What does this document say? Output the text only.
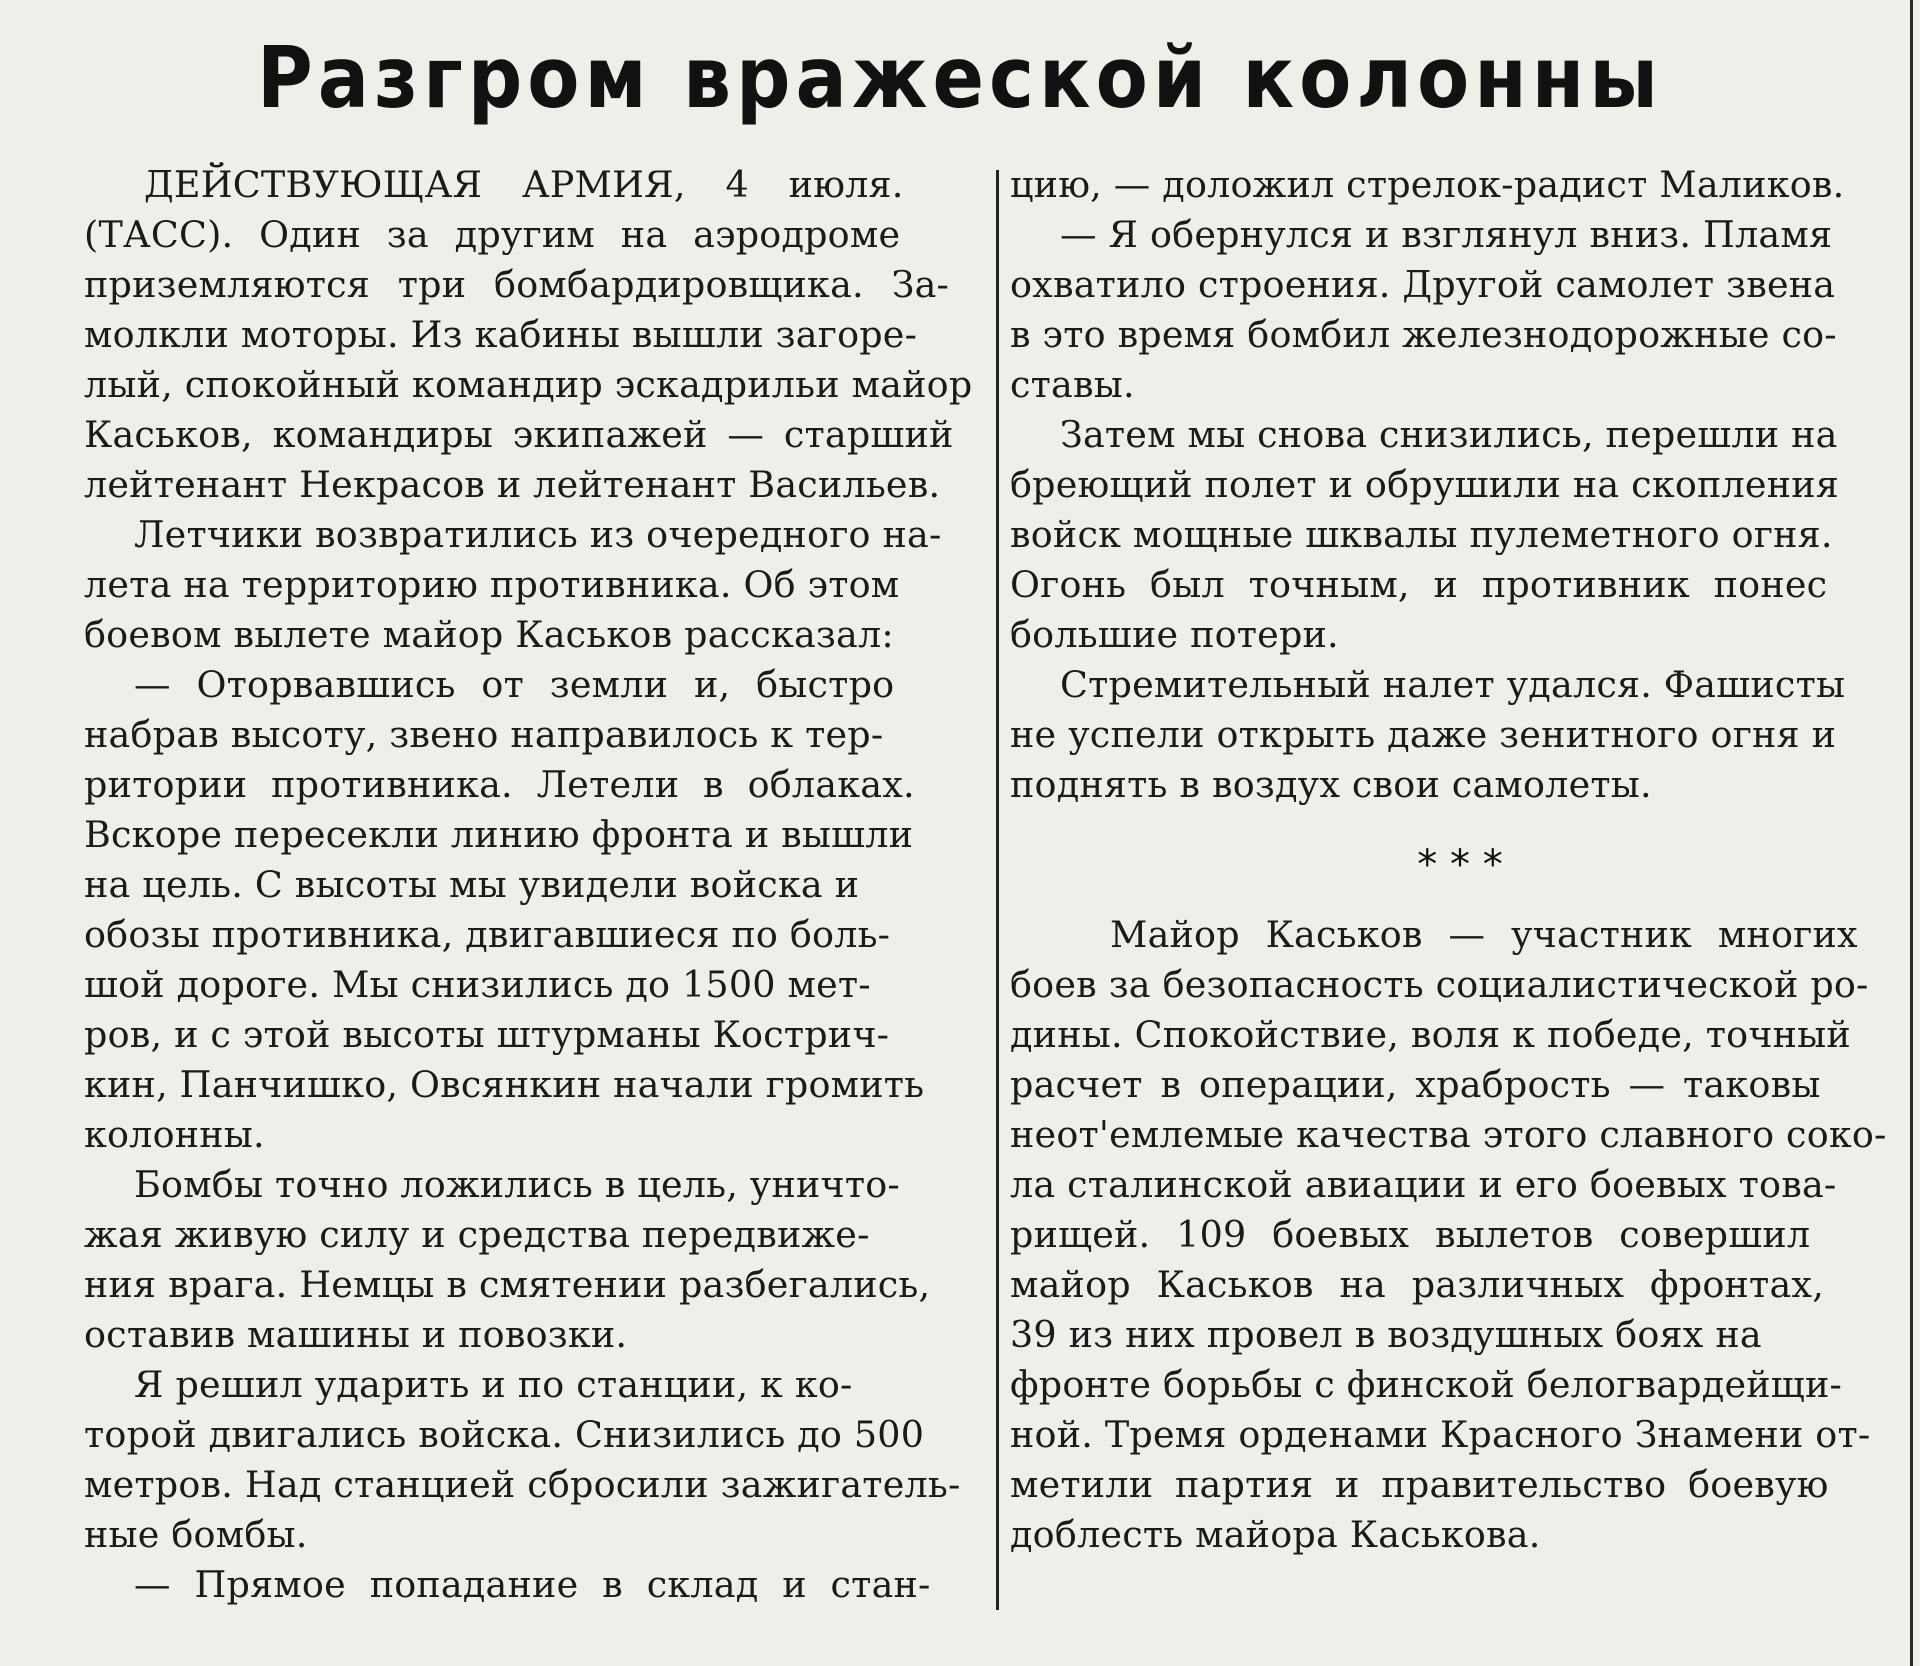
Разгром вражеской колонны
ДЕЙСТВУЮЩАЯ АРМИЯ, 4 июля.
(ТАСС). Один за другим на аэродроме
приземляются три бомбардировщика. За-
молкли моторы. Из кабины вышли загоре-
лый, спокойный командир эскадрильи майор
Каськов, командиры экипажей — старший
лейтенант Некрасов и лейтенант Васильев.
Летчики возвратились из очередного на-
лета на территорию противника. Об этом
боевом вылете майор Каськов рассказал:
— Оторвавшись от земли и, быстро
набрав высоту, звено направилось к тер-
ритории противника. Летели в облаках.
Вскоре пересекли линию фронта и вышли
на цель. С высоты мы увидели войска и
обозы противника, двигавшиеся по боль-
шой дороге. Мы снизились до 1500 мет-
ров, и с этой высоты штурманы Кострич-
кин, Панчишко, Овсянкин начали громить
колонны.
Бомбы точно ложились в цель, уничто-
жая живую силу и средства передвиже-
ния врага. Немцы в смятении разбегались,
оставив машины и повозки.
Я решил ударить и по станции, к ко-
торой двигались войска. Снизились до 500
метров. Над станцией сбросили зажигатель-
ные бомбы.
— Прямое попадание в склад и стан-
цию, — доложил стрелок-радист Маликов.
— Я обернулся и взглянул вниз. Пламя
охватило строения. Другой самолет звена
в это время бомбил железнодорожные со-
ставы.
Затем мы снова снизились, перешли на
бреющий полет и обрушили на скопления
войск мощные шквалы пулеметного огня.
Огонь был точным, и противник понес
большие потери.
Стремительный налет удался. Фашисты
не успели открыть даже зенитного огня и
поднять в воздух свои самолеты.
Майор Каськов — участник многих
боев за безопасность социалистической ро-
дины. Спокойствие, воля к победе, точный
расчет в операции, храбрость — таковы
неот'емлемые качества этого славного соко-
ла сталинской авиации и его боевых това-
рищей. 109 боевых вылетов совершил
майор Каськов на различных фронтах,
39 из них провел в воздушных боях на
фронте борьбы с финской белогвардейщи-
ной. Тремя орденами Красного Знамени от-
метили партия и правительство боевую
доблесть майора Каськова.
* * *
